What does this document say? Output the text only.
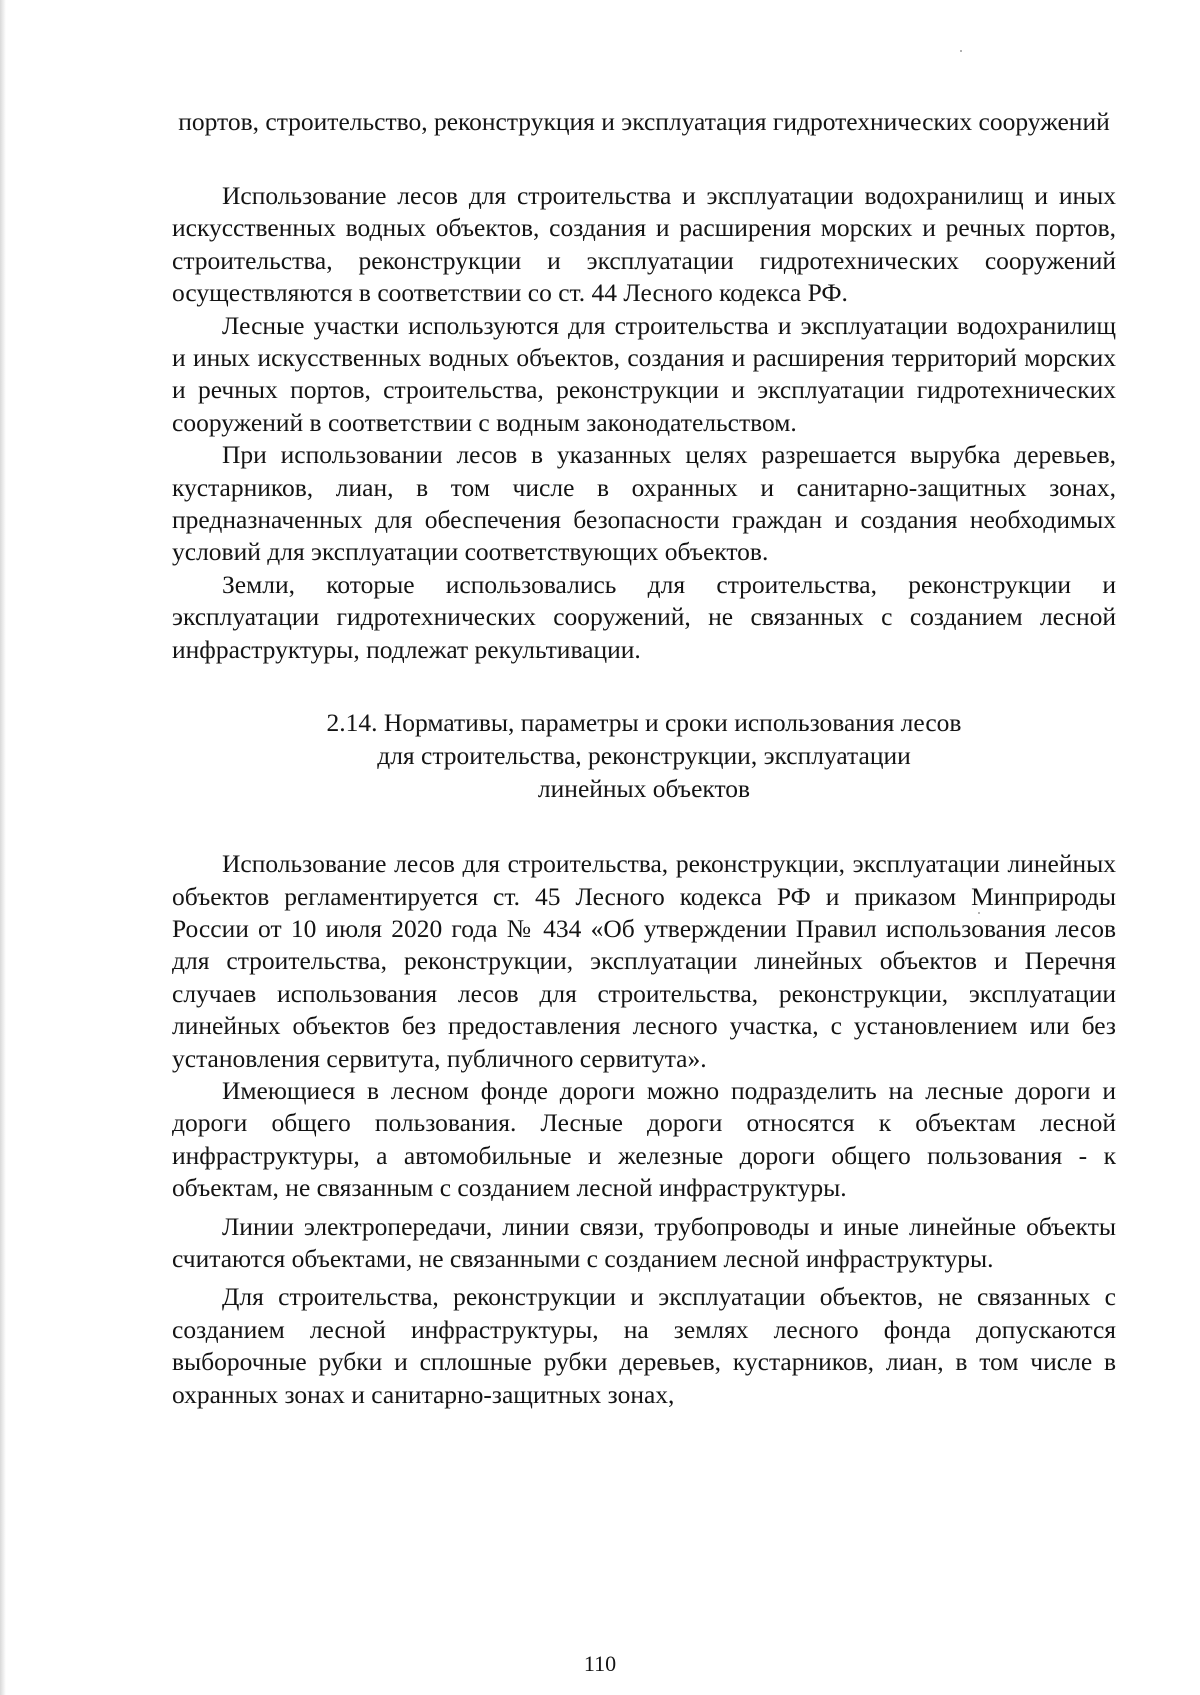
портов, строительство, реконструкция и эксплуатация гидротехнических сооружений

Использование лесов для строительства и эксплуатации водохранилищ и иных искусственных водных объектов, создания и расширения морских и речных портов, строительства, реконструкции и эксплуатации гидротехнических сооружений осуществляются в соответствии со ст. 44 Лесного кодекса РФ.

Лесные участки используются для строительства и эксплуатации водохранилищ и иных искусственных водных объектов, создания и расширения территорий морских и речных портов, строительства, реконструкции и эксплуатации гидротехнических сооружений в соответствии с водным законодательством.

При использовании лесов в указанных целях разрешается вырубка деревьев, кустарников, лиан, в том числе в охранных и санитарно-защитных зонах, предназначенных для обеспечения безопасности граждан и создания необходимых условий для эксплуатации соответствующих объектов.

Земли, которые использовались для строительства, реконструкции и эксплуатации гидротехнических сооружений, не связанных с созданием лесной инфраструктуры, подлежат рекультивации.

2.14. Нормативы, параметры и сроки использования лесов
для строительства, реконструкции, эксплуатации
линейных объектов

Использование лесов для строительства, реконструкции, эксплуатации линейных объектов регламентируется ст. 45 Лесного кодекса РФ и приказом Минприроды России от 10 июля 2020 года № 434 «Об утверждении Правил использования лесов для строительства, реконструкции, эксплуатации линейных объектов и Перечня случаев использования лесов для строительства, реконструкции, эксплуатации линейных объектов без предоставления лесного участка, с установлением или без установления сервитута, публичного сервитута».

Имеющиеся в лесном фонде дороги можно подразделить на лесные дороги и дороги общего пользования. Лесные дороги относятся к объектам лесной инфраструктуры, а автомобильные и железные дороги общего пользования - к объектам, не связанным с созданием лесной инфраструктуры.

Линии электропередачи, линии связи, трубопроводы и иные линейные объекты считаются объектами, не связанными с созданием лесной инфраструктуры.

Для строительства, реконструкции и эксплуатации объектов, не связанных с созданием лесной инфраструктуры, на землях лесного фонда допускаются выборочные рубки и сплошные рубки деревьев, кустарников, лиан, в том числе в охранных зонах и санитарно-защитных зонах,

110
